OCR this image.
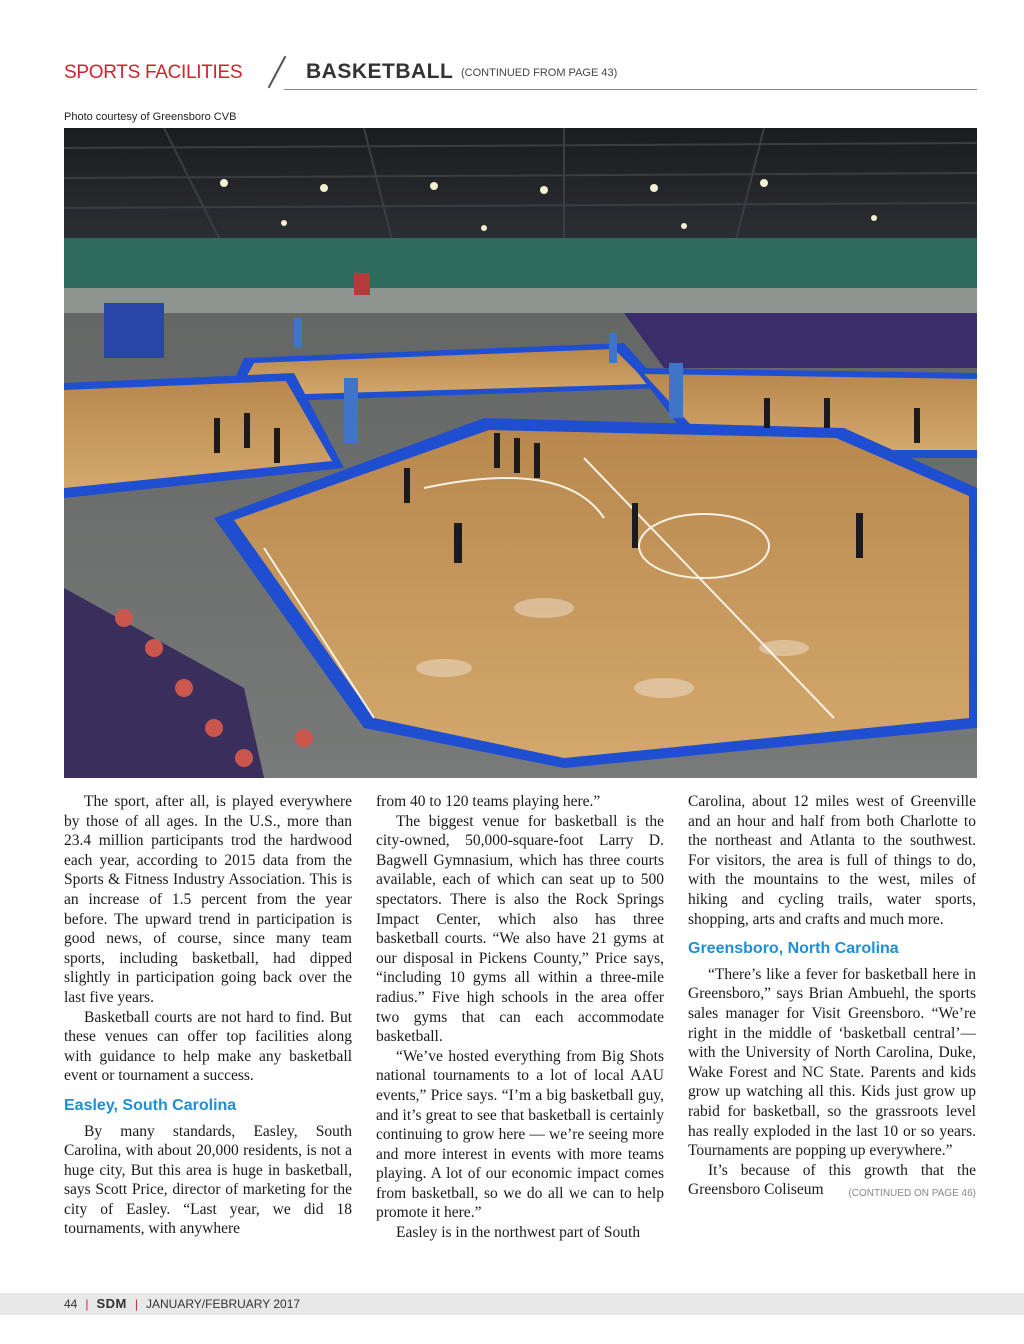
SPORTS FACILITIES	BASKETBALL (CONTINUED FROM PAGE 43)
Photo courtesy of Greensboro CVB

The sport, after all, is played everywhere by those of all ages. In the U.S., more than 23.4 million participants trod the hardwood each year, according to 2015 data from the Sports & Fitness Industry Association. This is an increase of 1.5 percent from the year before. The upward trend in participation is good news, of course, since many team sports, including basketball, had dipped slightly in participation going back over the last five years.

Basketball courts are not hard to find. But these venues can offer top facilities along with guidance to help make any basketball event or tournament a success.

Easley, South Carolina

By many standards, Easley, South Carolina, with about 20,000 residents, is not a huge city, But this area is huge in basketball, says Scott Price, director of marketing for the city of Easley. “Last year, we did 18 tournaments, with anywhere

from 40 to 120 teams playing here.”

The biggest venue for basketball is the city-owned, 50,000-square-foot Larry D. Bagwell Gymnasium, which has three courts available, each of which can seat up to 500 spectators. There is also the Rock Springs Impact Center, which also has three basketball courts. “We also have 21 gyms at our disposal in Pickens County,” Price says, “including 10 gyms all within a three-mile radius.” Five high schools in the area offer two gyms that can each accommodate basketball.

“We’ve hosted everything from Big Shots national tournaments to a lot of local AAU events,” Price says. “I’m a big basketball guy, and it’s great to see that basketball is certainly continuing to grow here — we’re seeing more and more interest in events with more teams playing. A lot of our economic impact comes from basketball, so we do all we can to help promote it here.”

Easley is in the northwest part of South

Carolina, about 12 miles west of Greenville and an hour and half from both Charlotte to the northeast and Atlanta to the southwest. For visitors, the area is full of things to do, with the mountains to the west, miles of hiking and cycling trails, water sports, shopping, arts and crafts and much more.

Greensboro, North Carolina

“There’s like a fever for basketball here in Greensboro,” says Brian Ambuehl, the sports sales manager for Visit Greensboro. “We’re right in the middle of ‘basketball central’—with the University of North Carolina, Duke, Wake Forest and NC State. Parents and kids grow up watching all this. Kids just grow up rabid for basketball, so the grassroots level has really exploded in the last 10 or so years. Tournaments are popping up everywhere.”

It’s because of this growth that the Greensboro Coliseum	(CONTINUED ON PAGE 46)

44 | SDM | JANUARY/FEBRUARY 2017
